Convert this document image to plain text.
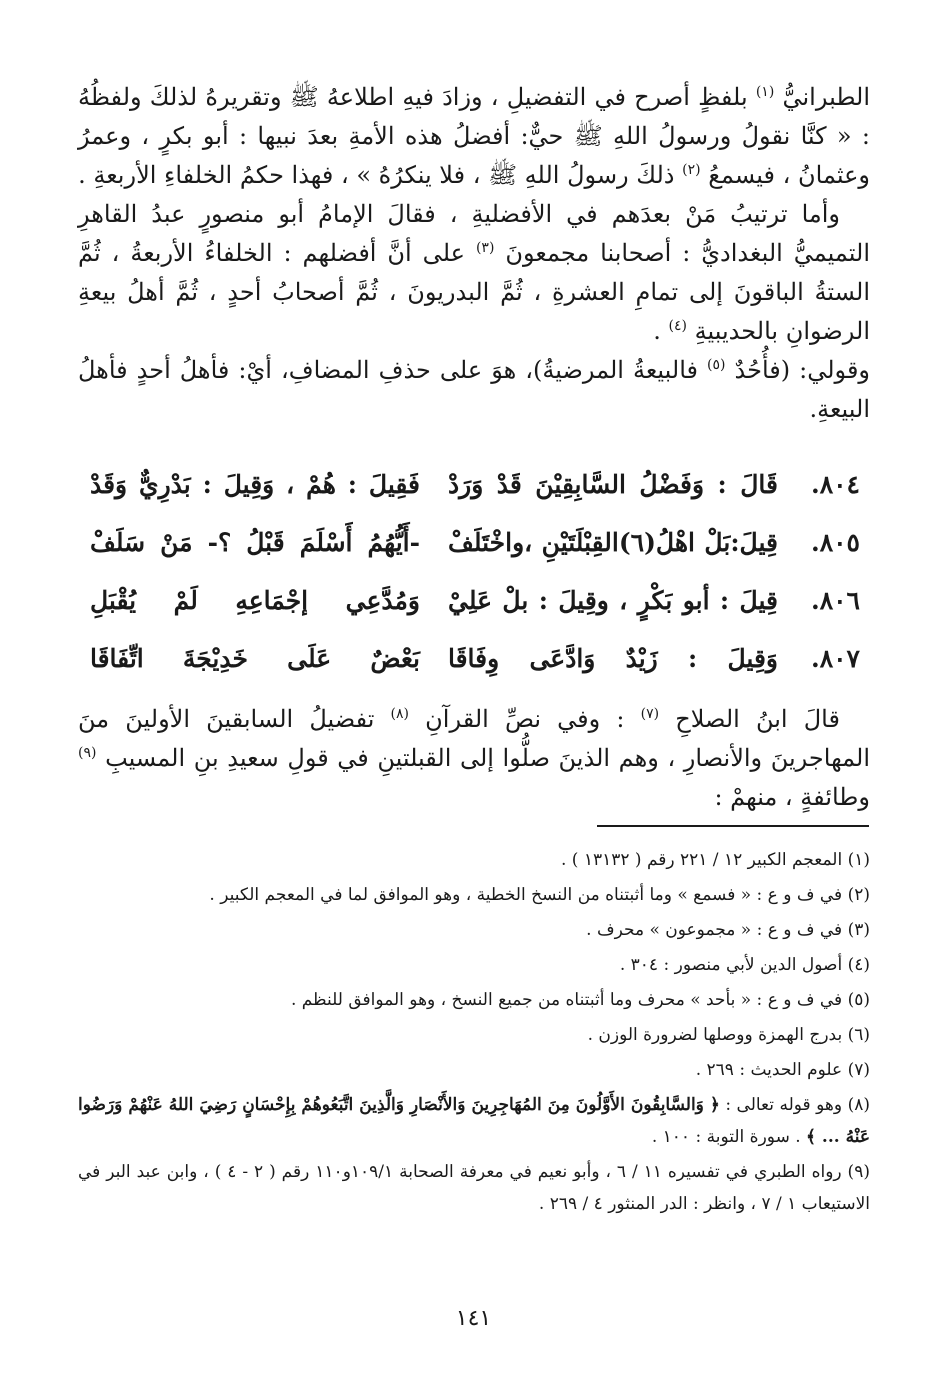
الطبرانيُّ $^{(١)}$ بلفظٍ أصرح في التفضيلِ ، وزادَ فيهِ اطلاعهُ ﷺ وتقريرهُ لذلكَ ولفظُهُ : « كنَّا نقولُ ورسولُ اللهِ ﷺ حيٌّ: أفضلُ هذه الأمةِ بعدَ نبيها : أبو بكرٍ ، وعمرُ وعثمانُ ، فيسمعُ $^{(٢)}$ ذلكَ رسولُ اللهِ ﷺ ، فلا ينكرُهُ » ، فهذا حكمُ الخلفاءِ الأربعةِ .

وأما ترتيبُ مَنْ بعدَهم في الأفضليةِ ، فقالَ الإمامُ أبو منصورٍ عبدُ القاهرِ التميميُّ البغداديُّ : أصحابنا مجمعونَ $^{(٣)}$ على أنَّ أفضلهم : الخلفاءُ الأربعةُ ، ثُمَّ الستةُ الباقونَ إلى تمامِ العشرةِ ، ثُمَّ البدريونَ ، ثُمَّ أصحابُ أحدٍ ، ثُمَّ أهلُ بيعةِ الرضوانِ بالحديبيةِ $^{(٤)}$ .

وقولي: (فأُحُدٌ $^{(٥)}$ فالبيعةُ المرضيةُ)، هوَ على حذفِ المضافِ، أيْ: فأهلُ أحدٍ فأهلُ البيعةِ.

٨٠٤.
قَالَ : وَفَضْلُ السَّابِقِيْنَ قَدْ وَرَدْ
فَقِيلَ : هُمْ ، وَقِيلَ : بَدْرِيٌّ وَقَدْ
٨٠٥.
قِيلَ:بَلْ اهْلُ(٦)القِبْلَتَيْنِ ،واخْتَلَفْ
-أَيُّهُمُ أَسْلَمَ قَبْلُ ؟- مَنْ سَلَفْ
٨٠٦.
قِيلَ : أبو بَكْرٍ ، وقِيلَ : بلْ عَلِيْ
وَمُدَّعِي إجْمَاعِهِ لَمْ يُقْبَلِ
٨٠٧.
وَقِيلَ : زَيْدٌ وَادَّعَى وِفَاقَا
بَعْضٌ عَلَى خَدِيْجَةَ اتِّفَاقَا

قالَ ابنُ الصلاحِ $^{(٧)}$ : وفي نصِّ القرآنِ $^{(٨)}$ تفضيلُ السابقينَ الأولينَ منَ المهاجرينَ والأنصارِ ، وهم الذينَ صلُّوا إلى القبلتينِ في قولِ سعيدِ بنِ المسيبِ $^{(٩)}$ وطائفةٍ ، منهمْ :

(١) المعجم الكبير ١٢ / ٢٢١ رقم ( ١٣١٣٢ ) .

(٢) في ف و ع : « فسمع » وما أثبتناه من النسخ الخطية ، وهو الموافق لما في المعجم الكبير .

(٣) في ف و ع : « مجموعون » محرف .

(٤) أصول الدين لأبي منصور : ٣٠٤ .

(٥) في ف و ع : « بأحد » محرف وما أثبتناه من جميع النسخ ، وهو الموافق للنظم .

(٦) بدرج الهمزة ووصلها لضرورة الوزن .

(٧) علوم الحديث : ٢٦٩ .

(٨) وهو قوله تعالى : ﴿ وَالسَّابِقُونَ الأَوَّلُونَ مِنَ المُهَاجِرِينَ وَالأَنْصَارِ وَالَّذِينَ اتَّبَعُوهُمْ بِإِحْسَانٍ رَضِيَ اللهُ عَنْهُمْ وَرَضُوا عَنْهُ ... ﴾ . سورة التوبة : ١٠٠ .

(٩) رواه الطبري في تفسيره ١١ / ٦ ، وأبو نعيم في معرفة الصحابة ١٠٩/١و١١٠ رقم ( ٢ - ٤ ) ، وابن عبد البر في الاستيعاب ١ / ٧ ، وانظر : الدر المنثور ٤ / ٢٦٩ .

١٤١
